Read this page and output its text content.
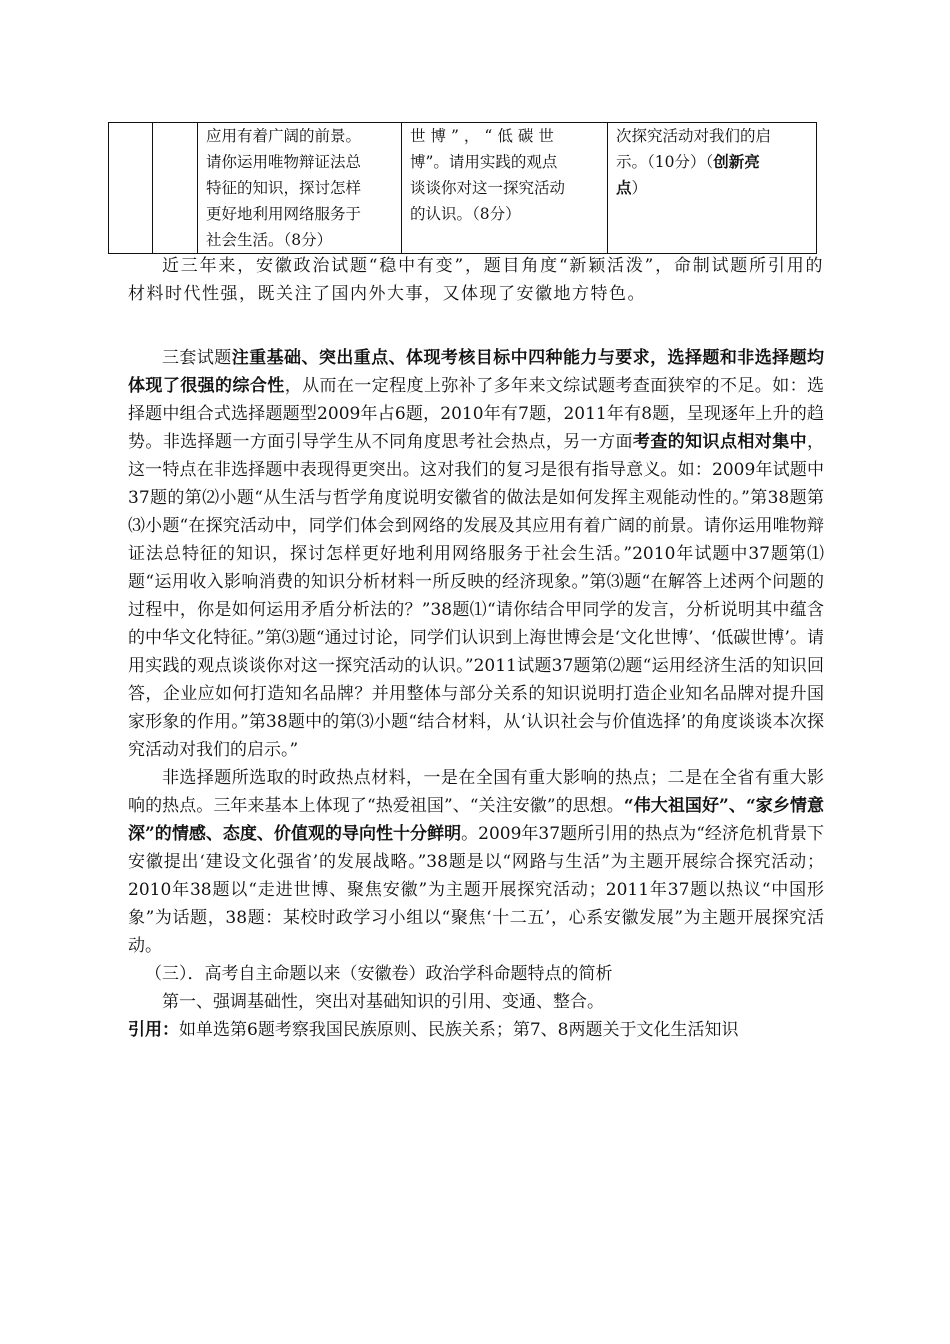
应用有着广阔的前景。
请你运用唯物辩证法总
特征的知识，探讨怎样
更好地利用网络服务于
社会生活。（8分）

世博”，“低碳世
博”。请用实践的观点
谈谈你对这一探究活动
的认识。（8分）

次探究活动对我们的启
示。（10分）（创新亮
点）

近三年来，安徽政治试题“稳中有变”，题目角度“新颖活泼”，命制试题所引用的材料时代性强，既关注了国内外大事，又体现了安徽地方特色。

三套试题注重基础、突出重点、体现考核目标中四种能力与要求，选择题和非选择题均体现了很强的综合性，从而在一定程度上弥补了多年来文综试题考查面狭窄的不足。如：选择题中组合式选择题题型2009年占6题，2010年有7题，2011年有8题，呈现逐年上升的趋势。非选择题一方面引导学生从不同角度思考社会热点，另一方面考查的知识点相对集中，这一特点在非选择题中表现得更突出。这对我们的复习是很有指导意义。如：2009年试题中37题的第⑵小题“从生活与哲学角度说明安徽省的做法是如何发挥主观能动性的。”第38题第⑶小题“在探究活动中，同学们体会到网络的发展及其应用有着广阔的前景。请你运用唯物辩证法总特征的知识，探讨怎样更好地利用网络服务于社会生活。”2010年试题中37题第⑴题“运用收入影响消费的知识分析材料一所反映的经济现象。”第⑶题“在解答上述两个问题的过程中，你是如何运用矛盾分析法的？”38题⑴“请你结合甲同学的发言，分析说明其中蕴含的中华文化特征。”第⑶题“通过讨论，同学们认识到上海世博会是‘文化世博’、‘低碳世博’。请用实践的观点谈谈你对这一探究活动的认识。”2011试题37题第⑵题“运用经济生活的知识回答，企业应如何打造知名品牌？并用整体与部分关系的知识说明打造企业知名品牌对提升国家形象的作用。”第38题中的第⑶小题“结合材料，从‘认识社会与价值选择’的角度谈谈本次探究活动对我们的启示。”

非选择题所选取的时政热点材料，一是在全国有重大影响的热点；二是在全省有重大影响的热点。三年来基本上体现了“热爱祖国”、“关注安徽”的思想。“伟大祖国好”、“家乡情意深”的情感、态度、价值观的导向性十分鲜明。2009年37题所引用的热点为“经济危机背景下安徽提出‘建设文化强省’的发展战略。”38题是以“网路与生活”为主题开展综合探究活动；2010年38题以“走进世博、聚焦安徽”为主题开展探究活动；2011年37题以热议“中国形象”为话题，38题：某校时政学习小组以“聚焦‘十二五’，心系安徽发展”为主题开展探究活动。

（三）．高考自主命题以来（安徽卷）政治学科命题特点的简析

第一、强调基础性，突出对基础知识的引用、变通、整合。

引用：如单选第6题考察我国民族原则、民族关系；第7、8两题关于文化生活知识
